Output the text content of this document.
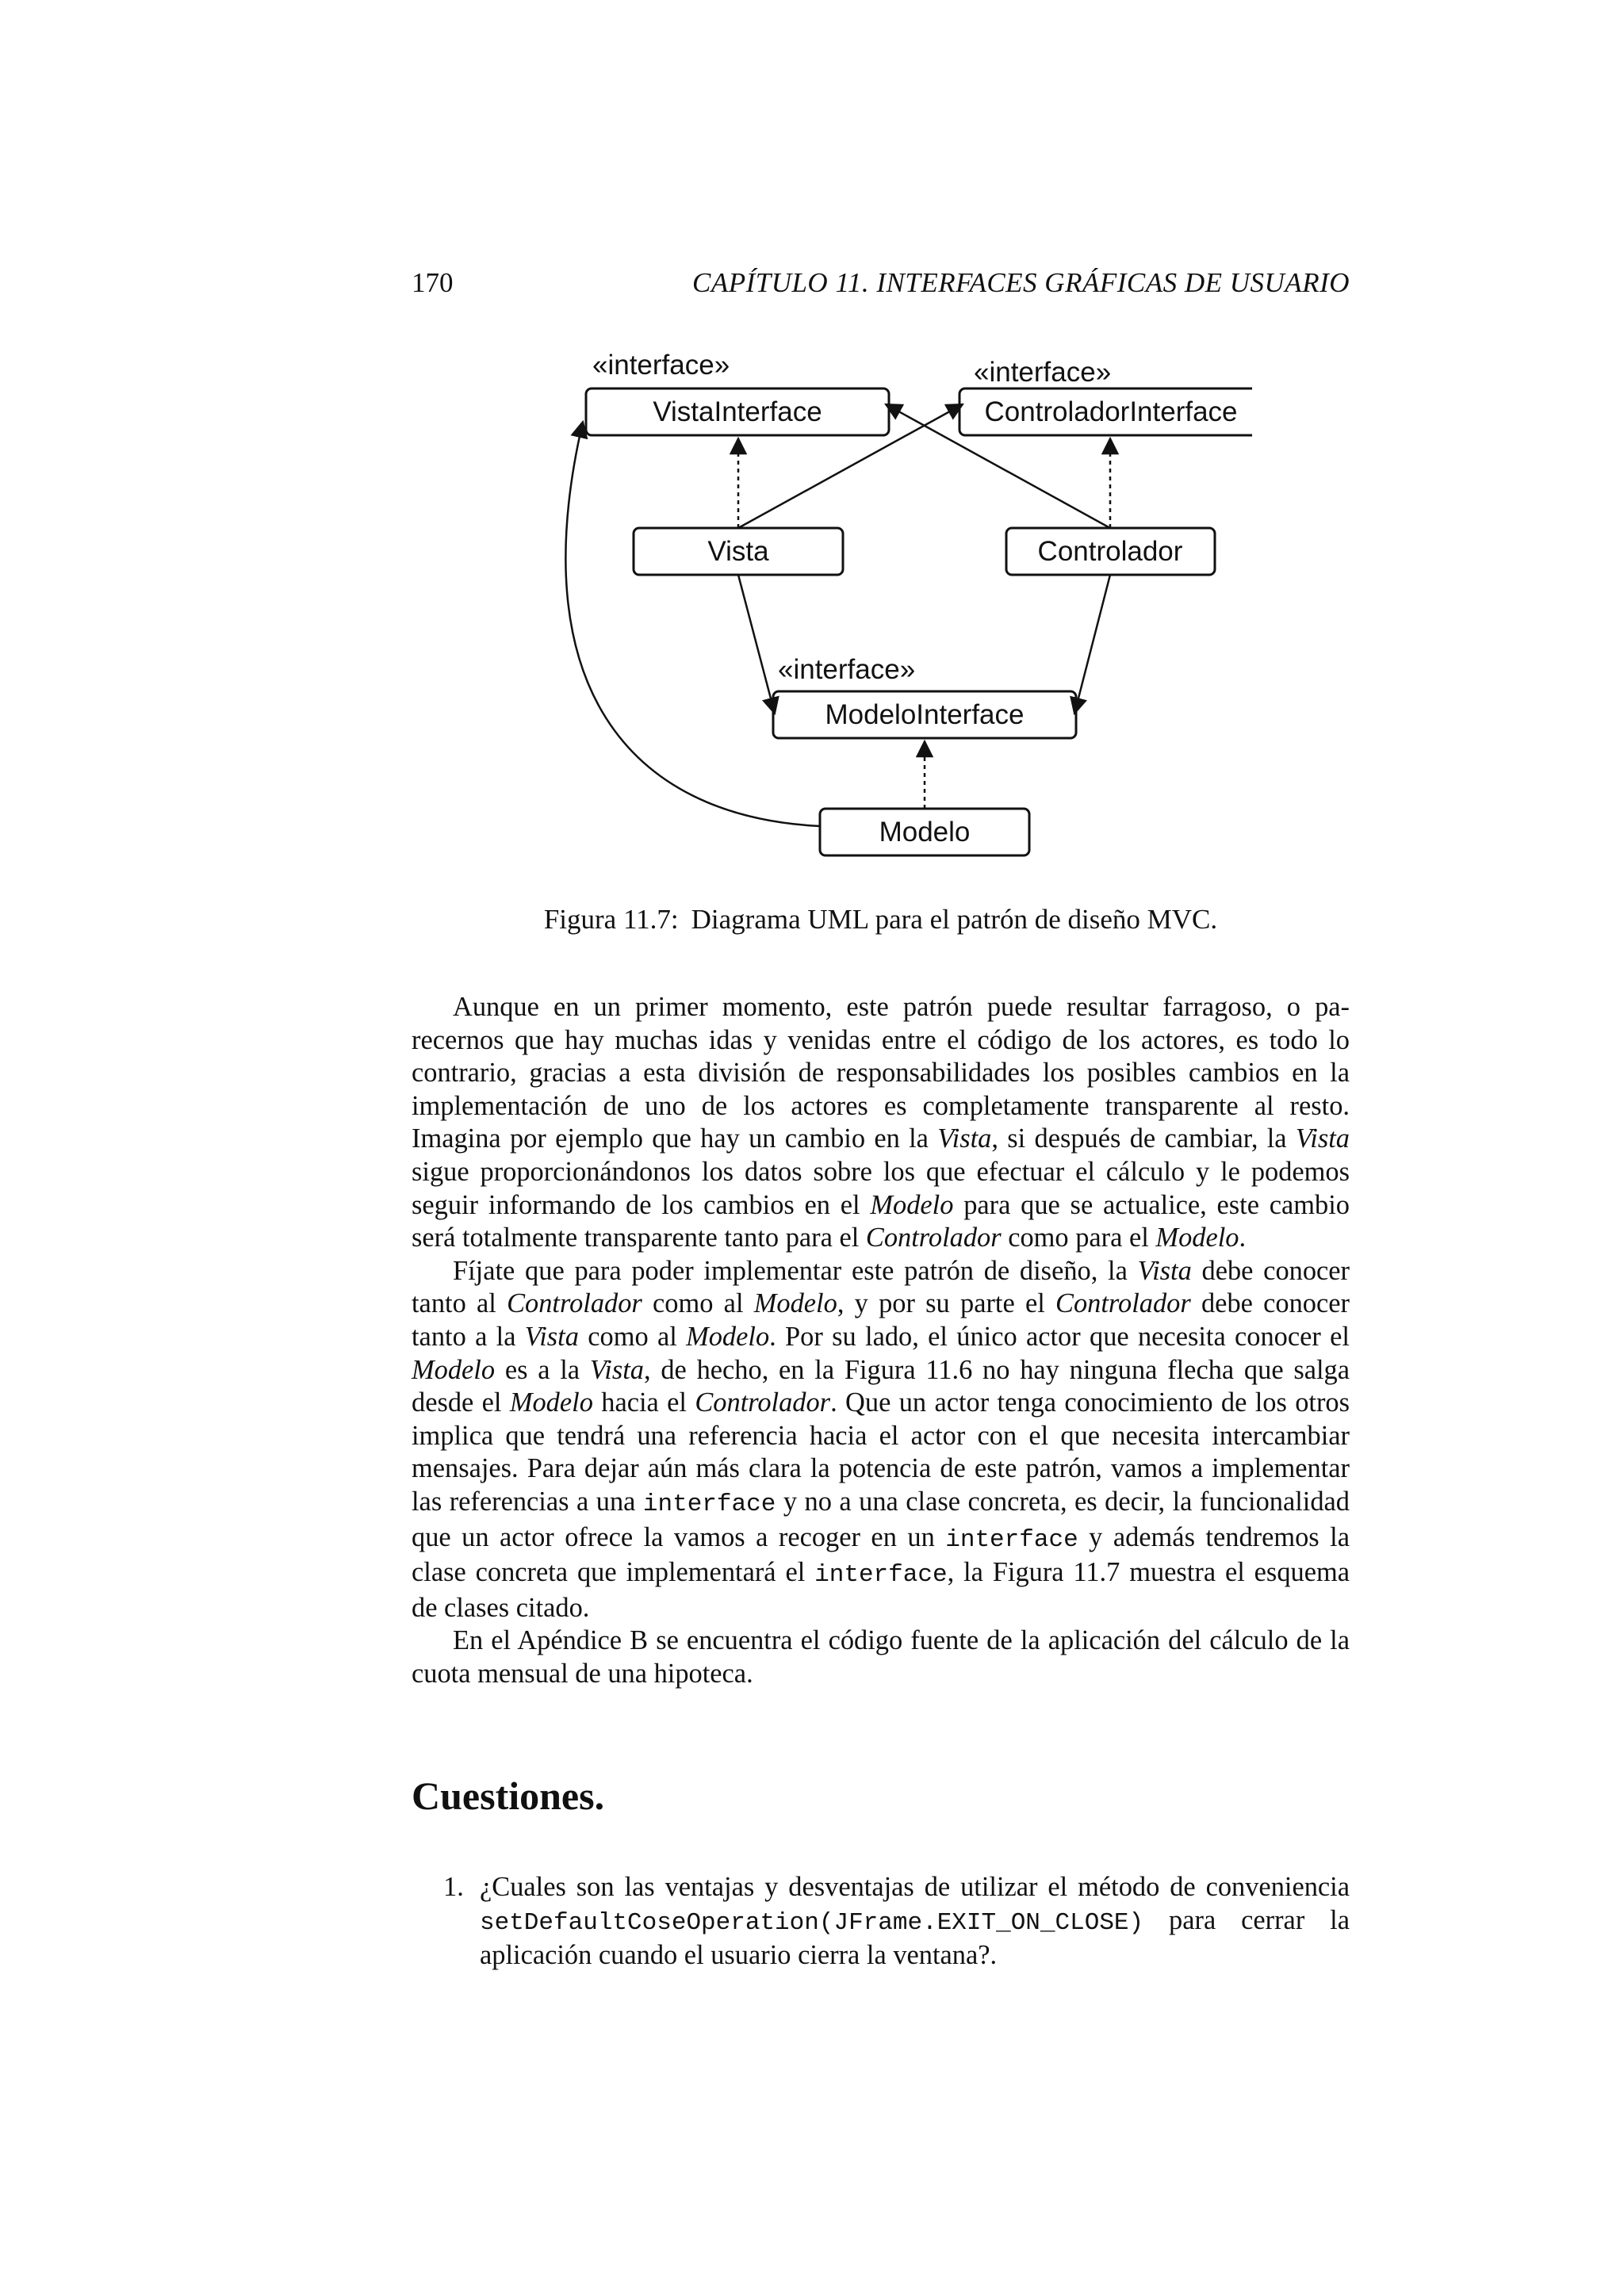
170	CAPÍTULO 11. INTERFACES GRÁFICAS DE USUARIO
«interface»	«interface»
«interface»
VistaInterface	ControladorInterface
Vista	Controlador
ModeloInterface
Modelo
Figura 11.7: Diagrama UML para el patrón de diseño MVC.

Aunque en un primer momento, este patrón puede resultar farragoso, o parecernos que hay muchas idas y venidas entre el código de los actores, es todo lo contrario, gracias a esta división de responsabilidades los posibles cambios en la implementación de uno de los actores es completamente transparente al resto. Imagina por ejemplo que hay un cambio en la Vista, si después de cambiar, la Vista sigue proporcionándonos los datos sobre los que efectuar el cálculo y le podemos seguir informando de los cambios en el Modelo para que se actualice, este cambio será totalmente transparente tanto para el Controlador como para el Modelo.

Fíjate que para poder implementar este patrón de diseño, la Vista debe conocer tanto al Controlador como al Modelo, y por su parte el Controlador debe conocer tanto a la Vista como al Modelo. Por su lado, el único actor que necesita conocer el Modelo es a la Vista, de hecho, en la Figura 11.6 no hay ninguna flecha que salga desde el Modelo hacia el Controlador. Que un actor tenga conocimiento de los otros implica que tendrá una referencia hacia el actor con el que necesita intercambiar mensajes. Para dejar aún más clara la potencia de este patrón, vamos a implementar las referencias a una interface y no a una clase concreta, es decir, la funcionalidad que un actor ofrece la vamos a recoger en un interface y además tendremos la clase concreta que implementará el interface, la Figura 11.7 muestra el esquema de clases citado.

En el Apéndice B se encuentra el código fuente de la aplicación del cálculo de la cuota mensual de una hipoteca.

Cuestiones.
1. ¿Cuales son las ventajas y desventajas de utilizar el método de conveniencia setDefaultCoseOperation(JFrame.EXIT_ON_CLOSE) para cerrar la aplicación cuando el usuario cierra la ventana?.
